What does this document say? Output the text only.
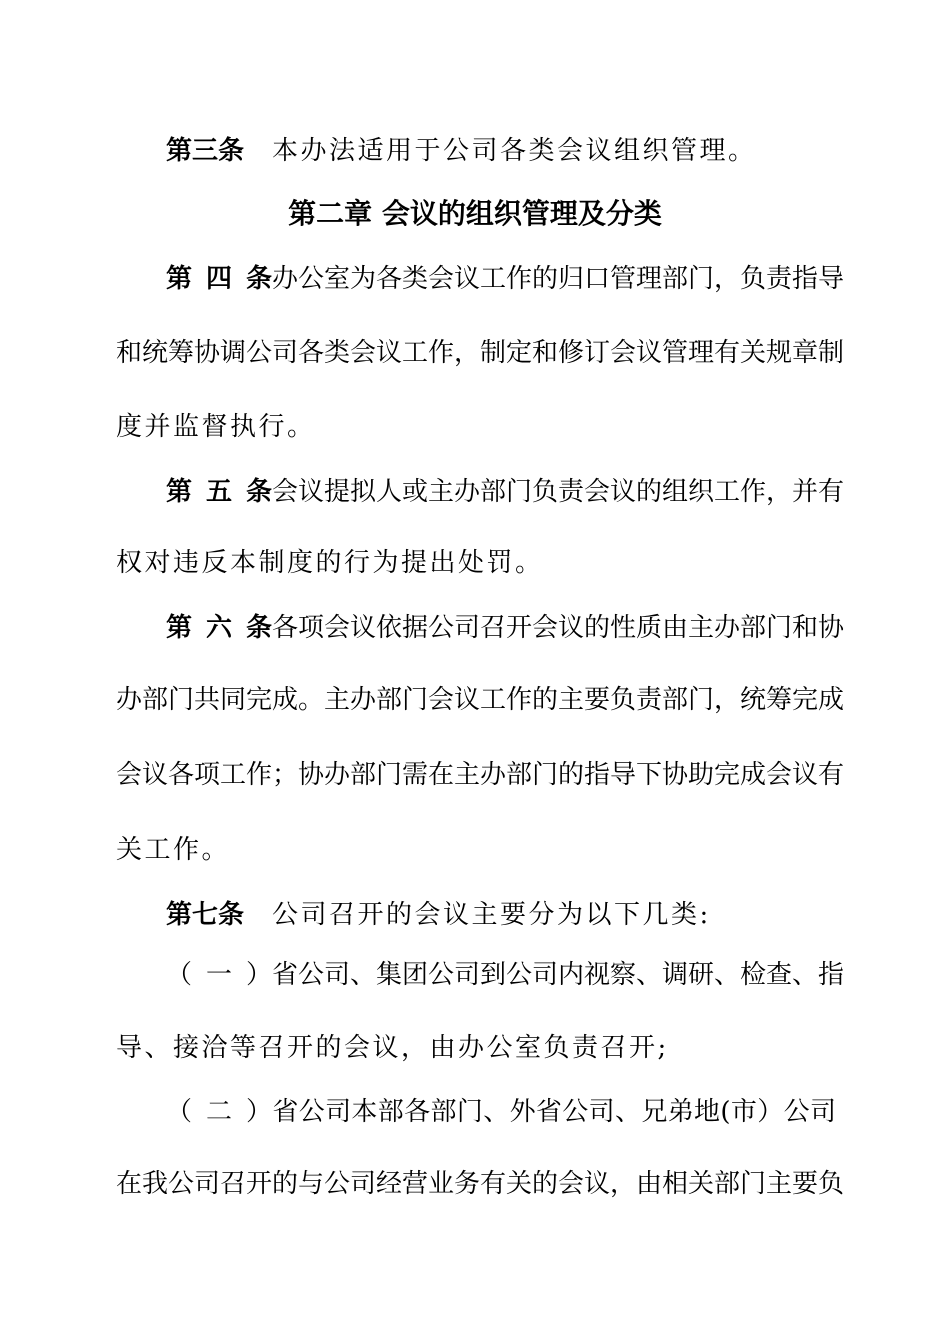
第三条 本办法适用于公司各类会议组织管理。
第二章 会议的组织管理及分类
第四条办公室为各类会议工作的归口管理部门，负责指导
和统筹协调公司各类会议工作，制定和修订会议管理有关规章制
度并监督执行。
第五条会议提拟人或主办部门负责会议的组织工作，并有
权对违反本制度的行为提出处罚。
第六条各项会议依据公司召开会议的性质由主办部门和协
办部门共同完成。主办部门会议工作的主要负责部门，统筹完成
会议各项工作；协办部门需在主办部门的指导下协助完成会议有
关工作。
第七条 公司召开的会议主要分为以下几类:
（一）省公司、集团公司到公司内视察、调研、检查、指
导、接洽等召开的会议，由办公室负责召开;
（二）省公司本部各部门、外省公司、兄弟地(市）公司
在我公司召开的与公司经营业务有关的会议，由相关部门主要负
